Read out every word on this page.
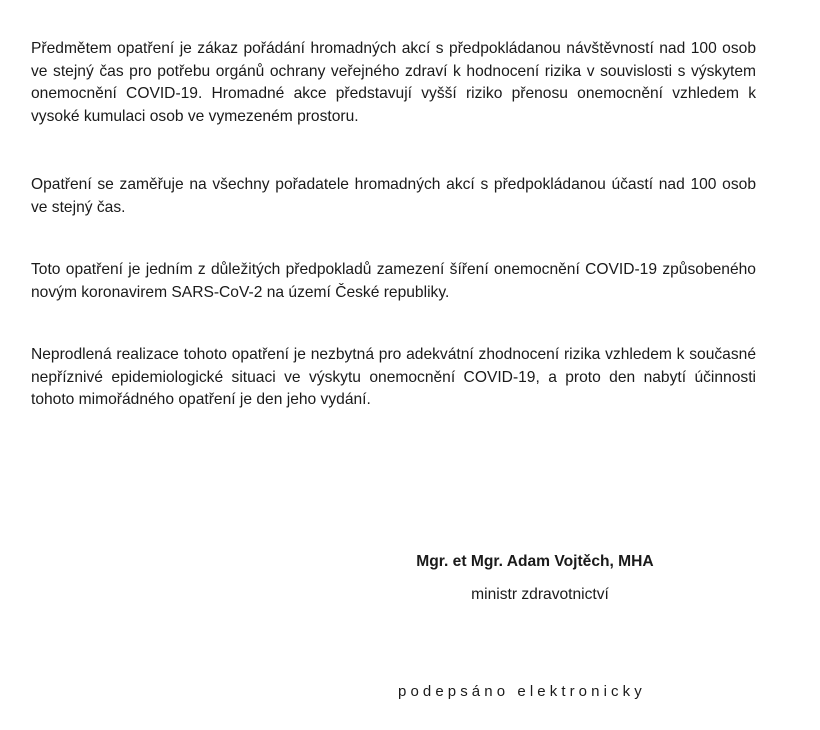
Předmětem opatření je zákaz pořádání hromadných akcí s předpokládanou návštěvností nad 100 osob ve stejný čas pro potřebu orgánů ochrany veřejného zdraví k hodnocení rizika v souvislosti s výskytem onemocnění COVID-19. Hromadné akce představují vyšší riziko přenosu onemocnění vzhledem k vysoké kumulaci osob ve vymezeném prostoru.

Opatření se zaměřuje na všechny pořadatele hromadných akcí s předpokládanou účastí nad 100 osob ve stejný čas.

Toto opatření je jedním z důležitých předpokladů zamezení šíření onemocnění COVID-19 způsobeného novým koronavirem SARS-CoV-2 na území České republiky.

Neprodlená realizace tohoto opatření je nezbytná pro adekvátní zhodnocení rizika vzhledem k současné nepříznivé epidemiologické situaci ve výskytu onemocnění COVID-19, a proto den nabytí účinnosti tohoto mimořádného opatření je den jeho vydání.

Mgr. et Mgr. Adam Vojtěch, MHA

ministr zdravotnictví

podepsáno elektronicky
